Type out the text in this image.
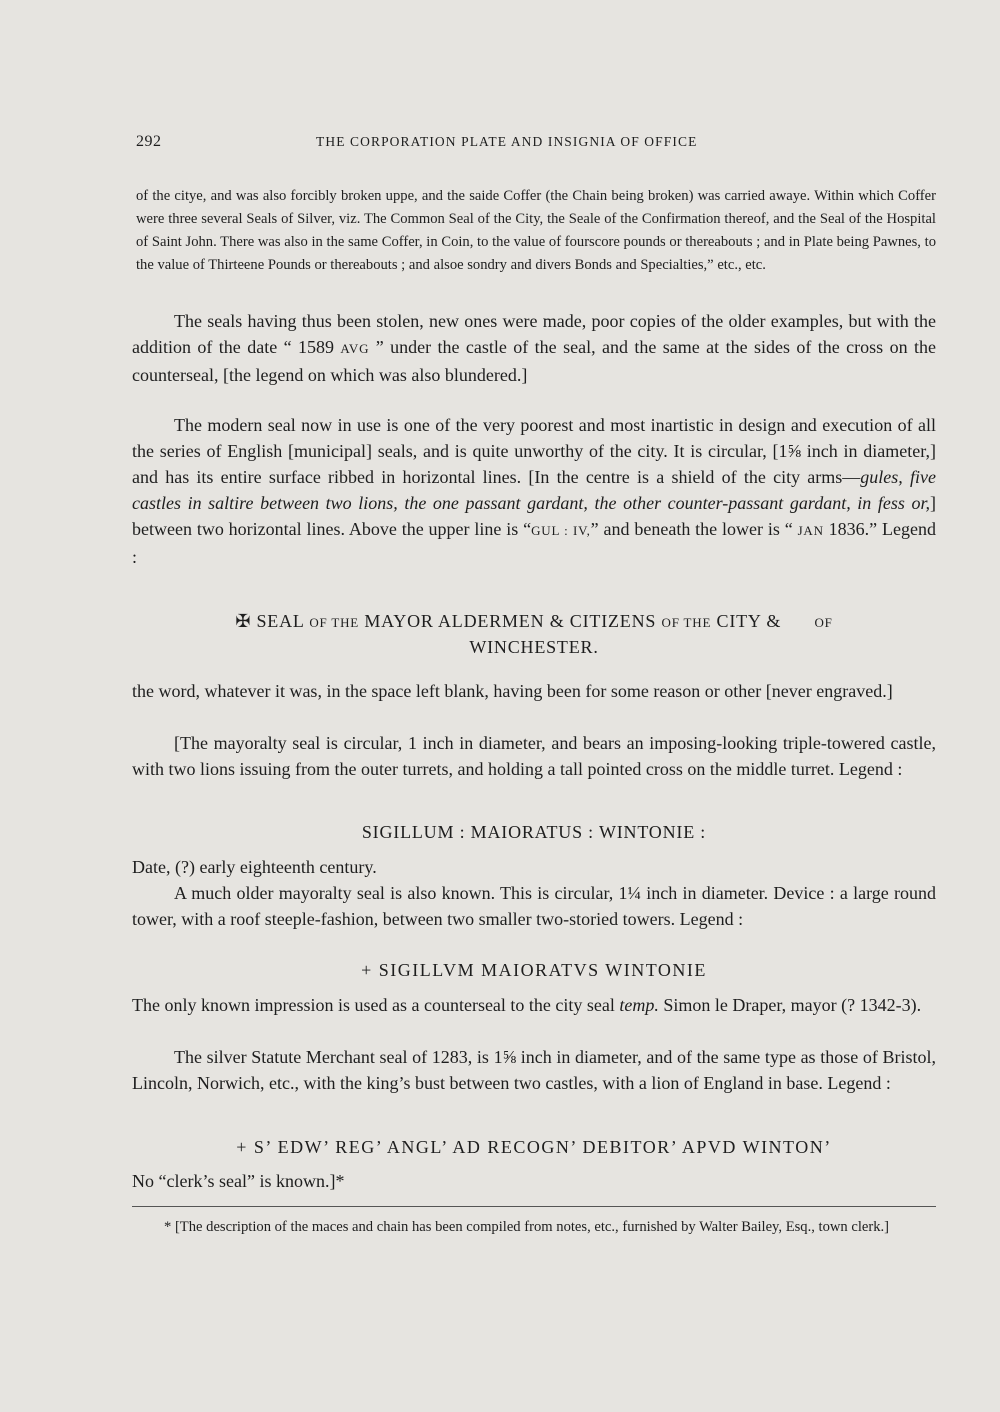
292	THE CORPORATION PLATE AND INSIGNIA OF OFFICE

of the citye, and was also forcibly broken uppe, and the saide Coffer (the Chain being broken) was carried awaye. Within which Coffer were three several Seals of Silver, viz. The Common Seal of the City, the Seale of the Confirmation thereof, and the Seal of the Hospital of Saint John. There was also in the same Coffer, in Coin, to the value of fourscore pounds or thereabouts ; and in Plate being Pawnes, to the value of Thirteene Pounds or thereabouts ; and alsoe sondry and divers Bonds and Specialties,” etc., etc.

The seals having thus been stolen, new ones were made, poor copies of the older examples, but with the addition of the date “ 1589 AVG ” under the castle of the seal, and the same at the sides of the cross on the counterseal, [the legend on which was also blundered.]

The modern seal now in use is one of the very poorest and most inartistic in design and execution of all the series of English [municipal] seals, and is quite unworthy of the city. It is circular, [1⅝ inch in diameter,] and has its entire surface ribbed in horizontal lines. [In the centre is a shield of the city arms—gules, five castles in saltire between two lions, the one passant gardant, the other counter-passant gardant, in fess or,] between two horizontal lines. Above the upper line is “GUL : IV,” and beneath the lower is “ JAN 1836.” Legend :

✠ SEAL OF THE MAYOR ALDERMEN & CITIZENS OF THE CITY & OF
WINCHESTER.

the word, whatever it was, in the space left blank, having been for some reason or other [never engraved.]

[The mayoralty seal is circular, 1 inch in diameter, and bears an imposing-looking triple-towered castle, with two lions issuing from the outer turrets, and holding a tall pointed cross on the middle turret. Legend :

SIGILLUM : MAIORATUS : WINTONIE :

Date, (?) early eighteenth century.

A much older mayoralty seal is also known. This is circular, 1¼ inch in diameter. Device : a large round tower, with a roof steeple-fashion, between two smaller two-storied towers. Legend :

+ SIGILLVM MAIORATVS WINTONIE

The only known impression is used as a counterseal to the city seal temp. Simon le Draper, mayor (? 1342-3).

The silver Statute Merchant seal of 1283, is 1⅝ inch in diameter, and of the same type as those of Bristol, Lincoln, Norwich, etc., with the king’s bust between two castles, with a lion of England in base. Legend :

+ S’ EDW’ REG’ ANGL’ AD RECOGN’ DEBITOR’ APVD WINTON’

No “clerk’s seal” is known.]*

* [The description of the maces and chain has been compiled from notes, etc., furnished by Walter Bailey, Esq., town clerk.]
